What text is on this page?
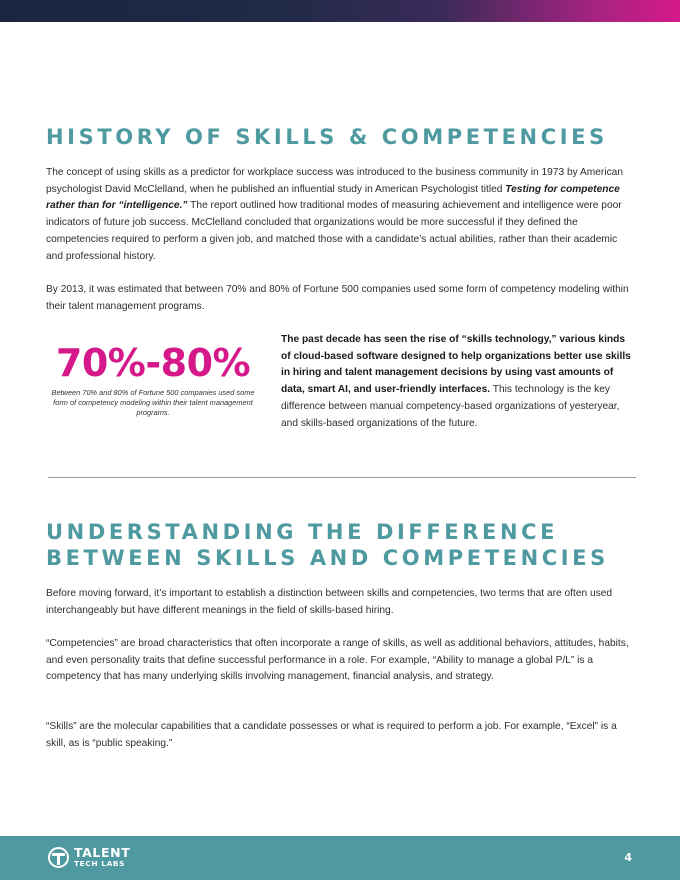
HISTORY OF SKILLS & COMPETENCIES

The concept of using skills as a predictor for workplace success was introduced to the business community in 1973 by American psychologist David McClelland, when he published an influential study in American Psychologist titled Testing for competence rather than for “intelligence.” The report outlined how traditional modes of measuring achievement and intelligence were poor indicators of future job success. McClelland concluded that organizations would be more successful if they defined the competencies required to perform a given job, and matched those with a candidate’s actual abilities, rather than their academic and professional history.

By 2013, it was estimated that between 70% and 80% of Fortune 500 companies used some form of competency modeling within their talent management programs.

70%-80%
Between 70% and 80% of Fortune 500 companies used some form of competency modeling within their talent management programs.

The past decade has seen the rise of “skills technology,” various kinds of cloud-based software designed to help organizations better use skills in hiring and talent management decisions by using vast amounts of data, smart AI, and user-friendly interfaces. This technology is the key difference between manual competency-based organizations of yesteryear, and skills-based organizations of the future.

UNDERSTANDING THE DIFFERENCE
BETWEEN SKILLS AND COMPETENCIES

Before moving forward, it’s important to establish a distinction between skills and competencies, two terms that are often used interchangeably but have different meanings in the field of skills-based hiring.

“Competencies” are broad characteristics that often incorporate a range of skills, as well as additional behaviors, attitudes, habits, and even personality traits that define successful performance in a role. For example, “Ability to manage a global P/L” is a competency that has many underlying skills involving management, financial analysis, and strategy.

“Skills” are the molecular capabilities that a candidate possesses or what is required to perform a job. For example, “Excel” is a skill, as is “public speaking.”

TALENT
TECH LABS	4
